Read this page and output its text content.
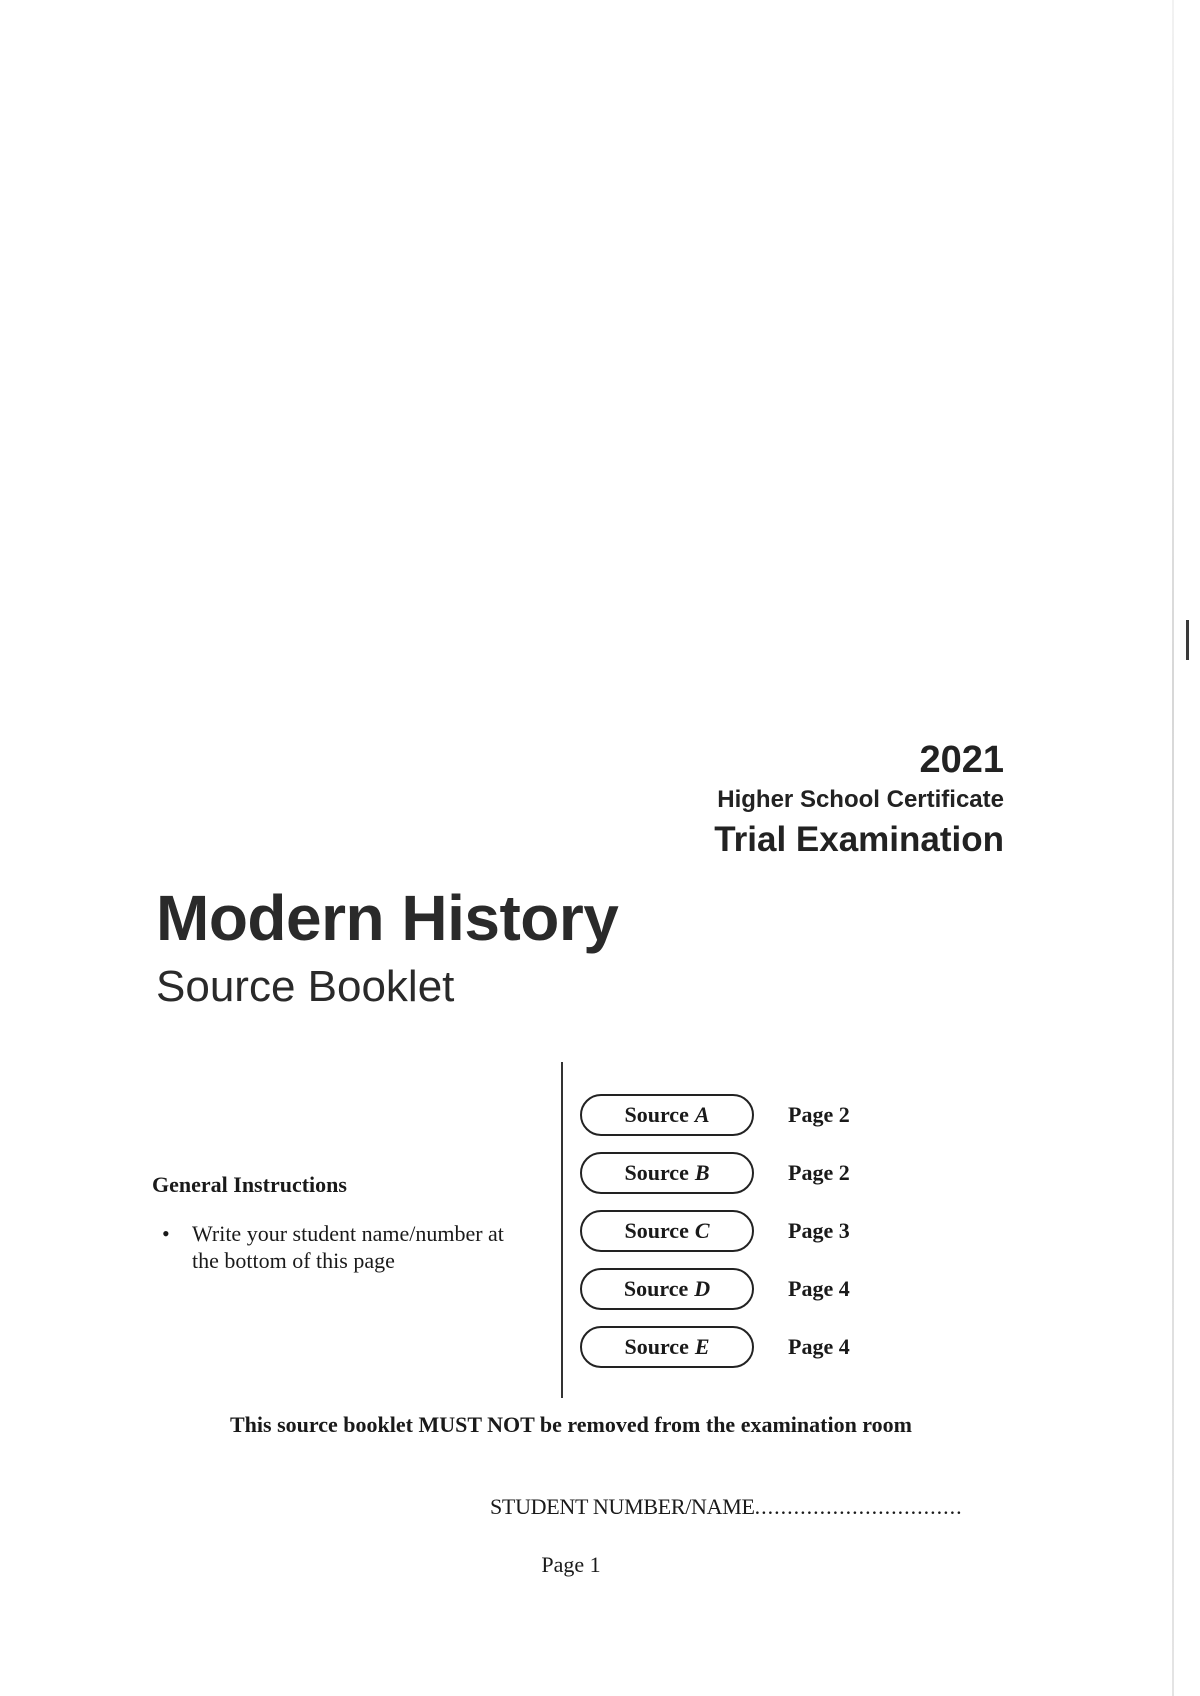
2021
Higher School Certificate
Trial Examination
Modern History
Source Booklet
General Instructions
•	Write your student name/number at the bottom of this page
Source A	Page 2
Source B	Page 2
Source C	Page 3
Source D	Page 4
Source E	Page 4
This source booklet MUST NOT be removed from the examination room
STUDENT NUMBER/NAME................................
Page 1
